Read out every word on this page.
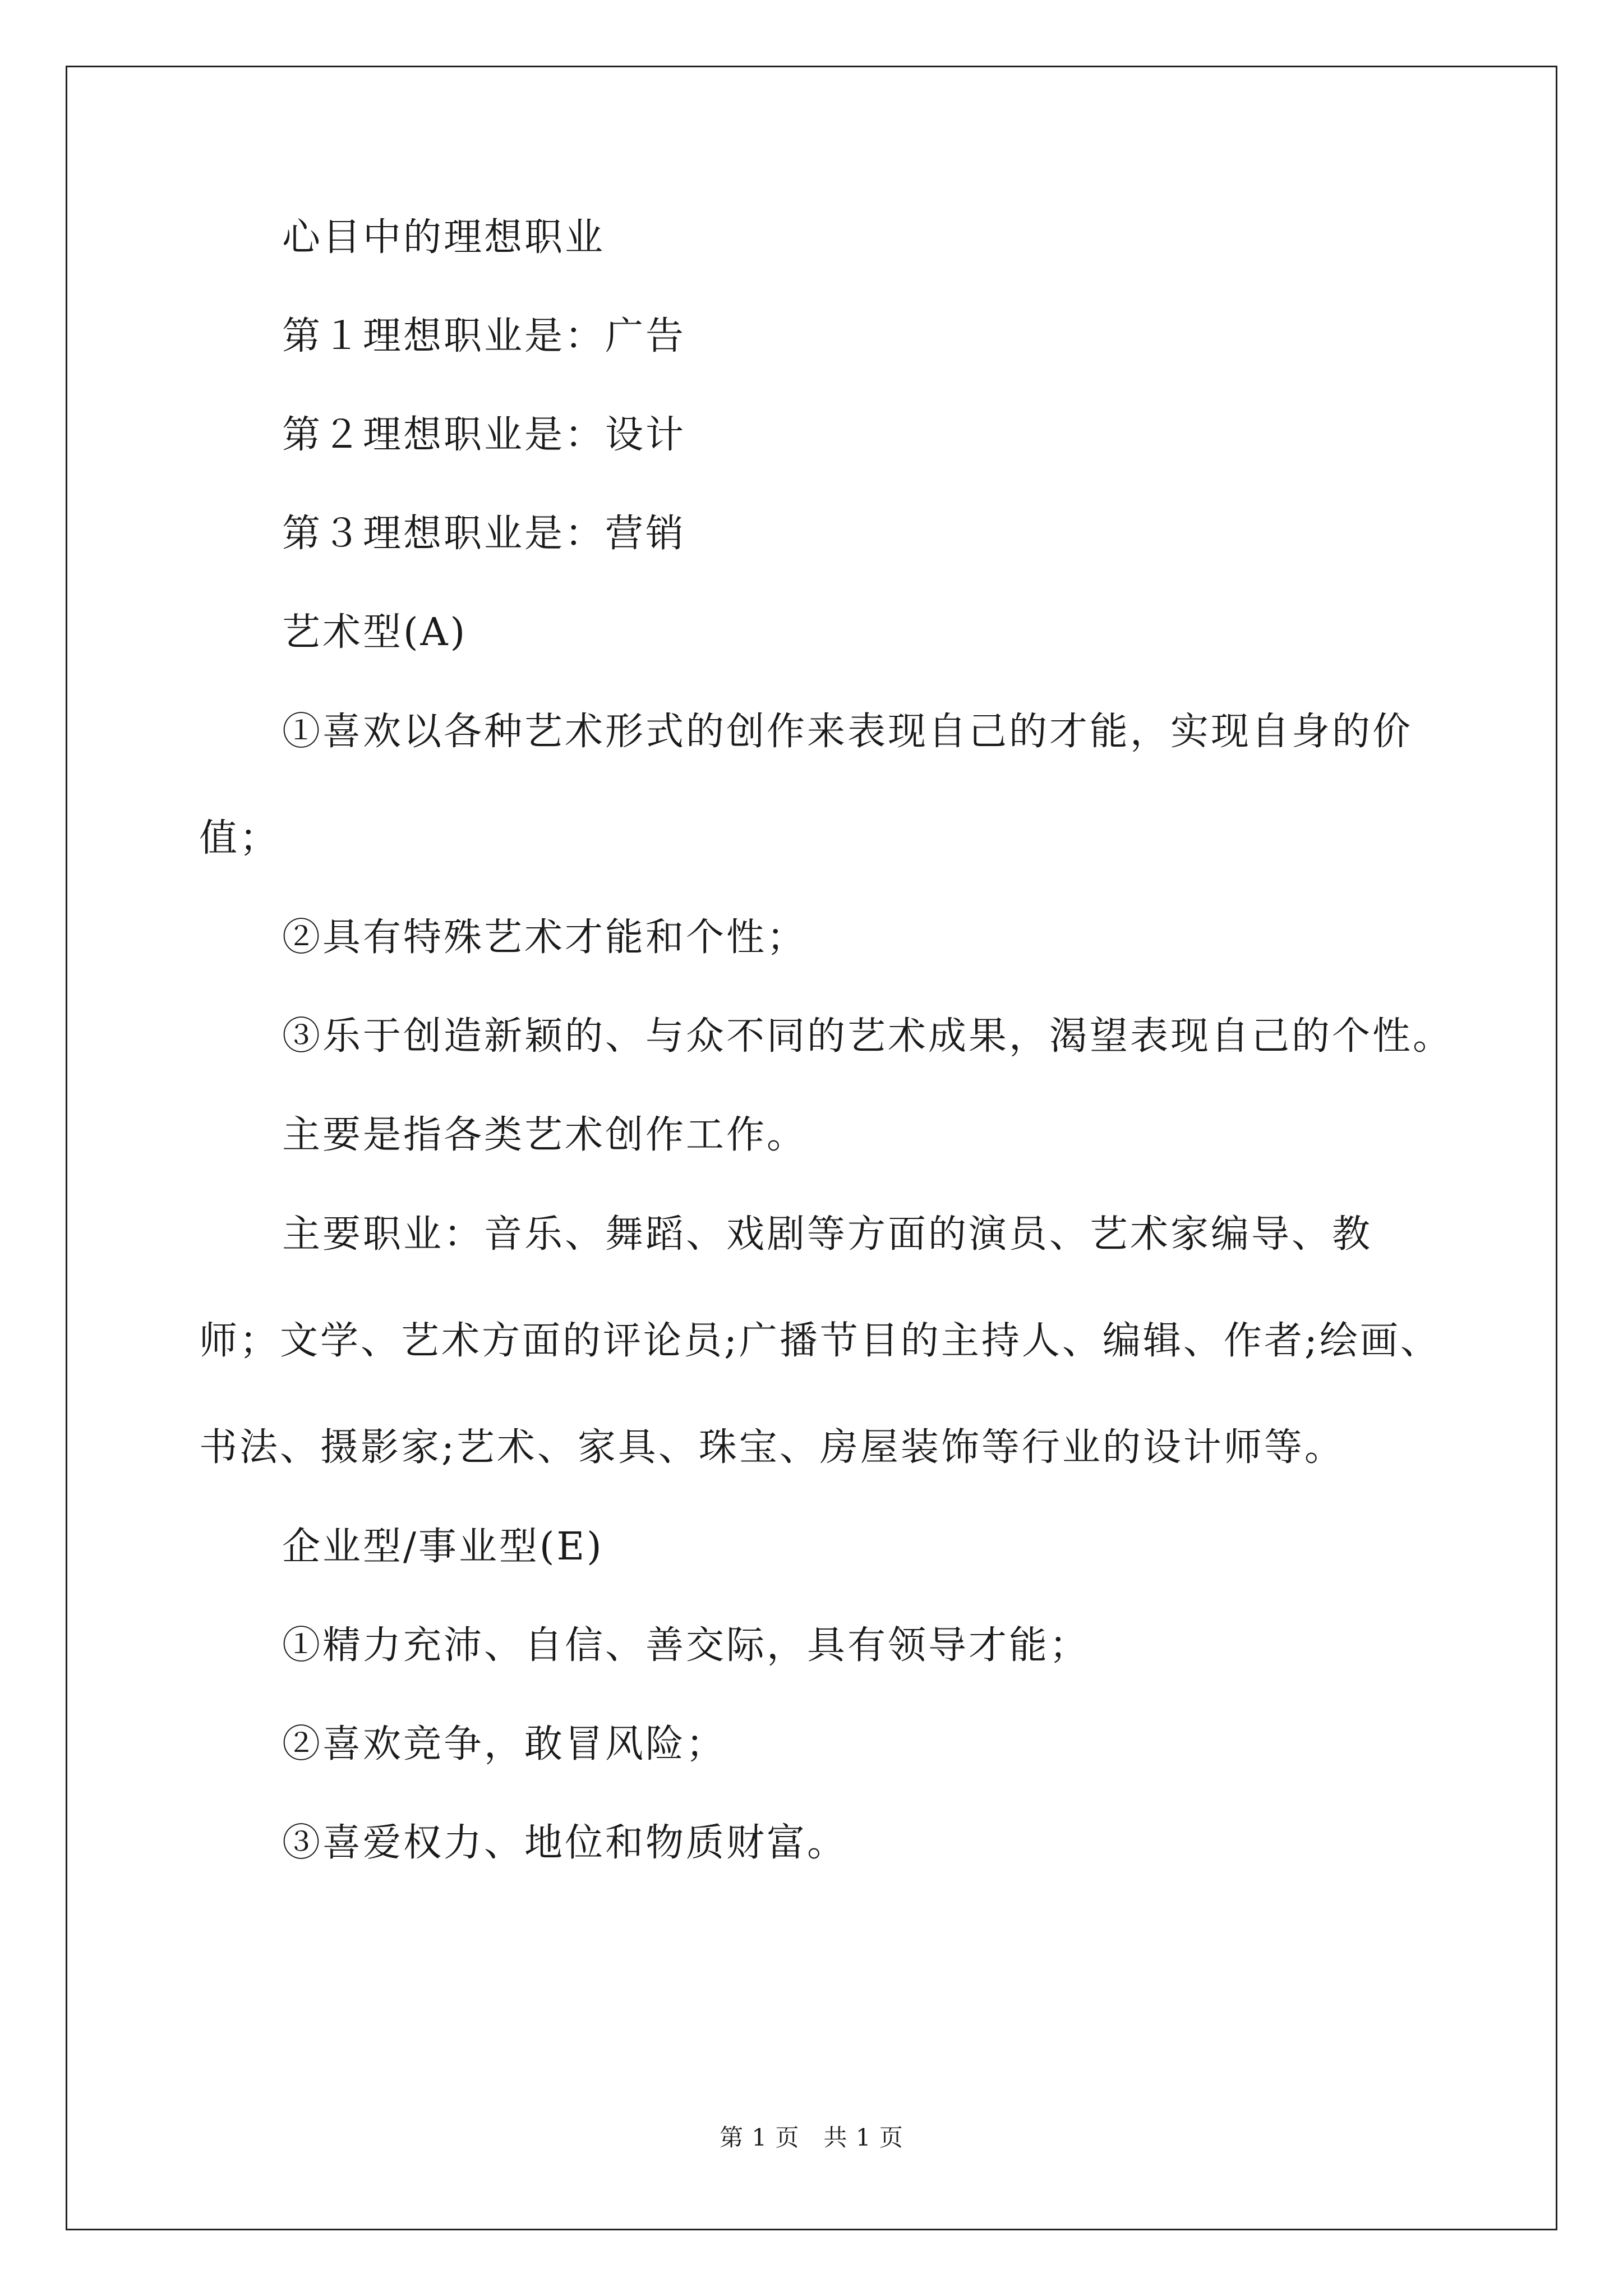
心目中的理想职业

第１理想职业是：广告

第２理想职业是：设计

第３理想职业是：营销

艺术型(A)

①喜欢以各种艺术形式的创作来表现自己的才能，实现自身的价值；

②具有特殊艺术才能和个性；

③乐于创造新颖的、与众不同的艺术成果，渴望表现自己的个性。

主要是指各类艺术创作工作。

主要职业：音乐、舞蹈、戏剧等方面的演员、艺术家编导、教师；文学、艺术方面的评论员;广播节目的主持人、编辑、作者;绘画、书法、摄影家;艺术、家具、珠宝、房屋装饰等行业的设计师等。

企业型/事业型(E)

①精力充沛、自信、善交际，具有领导才能；

②喜欢竞争，敢冒风险；

③喜爱权力、地位和物质财富。

第 1 页　共 1 页
